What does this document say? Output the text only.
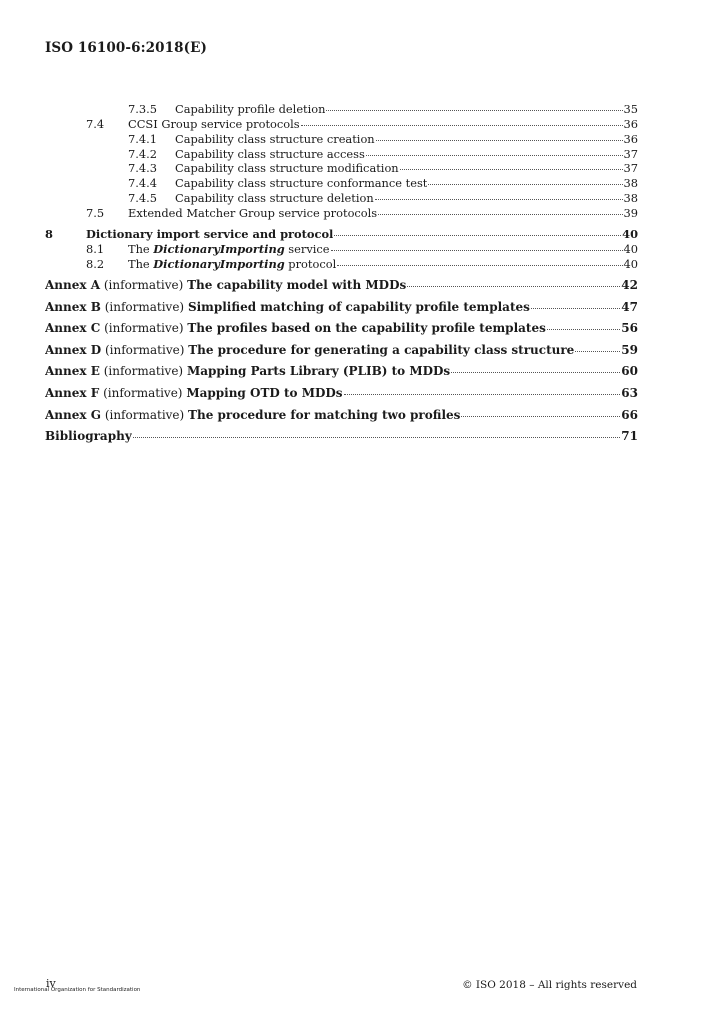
ISO 16100-6:2018(E)
7.3.5	Capability profile deletion	35
7.4	CCSI Group service protocols	36
7.4.1	Capability class structure creation	36
7.4.2	Capability class structure access	37
7.4.3	Capability class structure modification	37
7.4.4	Capability class structure conformance test	38
7.4.5	Capability class structure deletion	38
7.5	Extended Matcher Group service protocols	39
8	Dictionary import service and protocol	40
8.1	The DictionaryImporting service	40
8.2	The DictionaryImporting protocol	40
Annex A (informative) The capability model with MDDs	42
Annex B (informative) Simplified matching of capability profile templates	47
Annex C (informative) The profiles based on the capability profile templates	56
Annex D (informative) The procedure for generating a capability class structure	59
Annex E (informative) Mapping Parts Library (PLIB) to MDDs	60
Annex F (informative) Mapping OTD to MDDs	63
Annex G (informative) The procedure for matching two profiles	66
Bibliography	71
iv
International Organization for Standardization	© ISO 2018 – All rights reserved
